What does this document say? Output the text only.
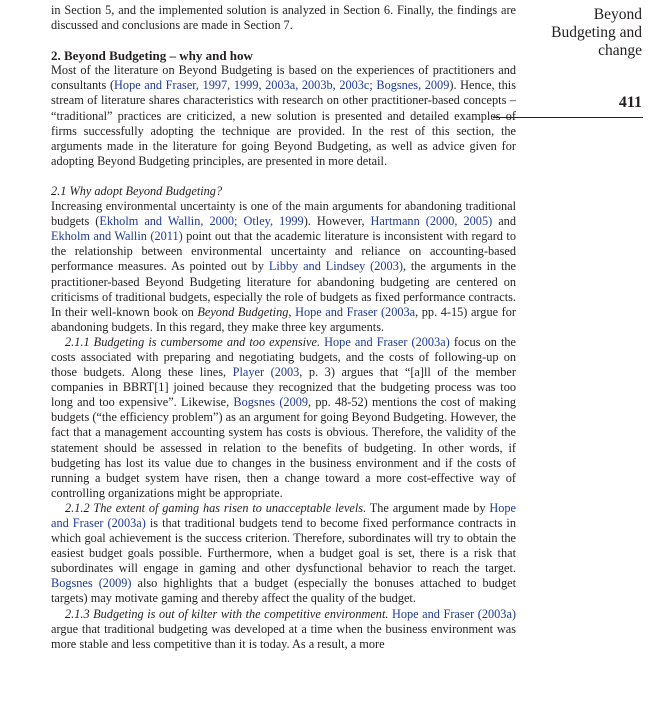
Beyond
Budgeting and
change
411

in Section 5, and the implemented solution is analyzed in Section 6. Finally, the findings are discussed and conclusions are made in Section 7.

2. Beyond Budgeting – why and how

Most of the literature on Beyond Budgeting is based on the experiences of practitioners and consultants (Hope and Fraser, 1997, 1999, 2003a, 2003b, 2003c; Bogsnes, 2009). Hence, this stream of literature shares characteristics with research on other practitioner-based concepts – “traditional” practices are criticized, a new solution is presented and detailed examples of firms successfully adopting the technique are provided. In the rest of this section, the arguments made in the literature for going Beyond Budgeting, as well as advice given for adopting Beyond Budgeting principles, are presented in more detail.

2.1 Why adopt Beyond Budgeting?

Increasing environmental uncertainty is one of the main arguments for abandoning traditional budgets (Ekholm and Wallin, 2000; Otley, 1999). However, Hartmann (2000, 2005) and Ekholm and Wallin (2011) point out that the academic literature is inconsistent with regard to the relationship between environmental uncertainty and reliance on accounting-based performance measures. As pointed out by Libby and Lindsey (2003), the arguments in the practitioner-based Beyond Budgeting literature for abandoning budgeting are centered on criticisms of traditional budgets, especially the role of budgets as fixed performance contracts. In their well-known book on Beyond Budgeting, Hope and Fraser (2003a, pp. 4-15) argue for abandoning budgets. In this regard, they make three key arguments.

2.1.1 Budgeting is cumbersome and too expensive. Hope and Fraser (2003a) focus on the costs associated with preparing and negotiating budgets, and the costs of following-up on those budgets. Along these lines, Player (2003, p. 3) argues that “[a]ll of the member companies in BBRT[1] joined because they recognized that the budgeting process was too long and too expensive”. Likewise, Bogsnes (2009, pp. 48-52) mentions the cost of making budgets (“the efficiency problem”) as an argument for going Beyond Budgeting. However, the fact that a management accounting system has costs is obvious. Therefore, the validity of the statement should be assessed in relation to the benefits of budgeting. In other words, if budgeting has lost its value due to changes in the business environment and if the costs of running a budget system have risen, then a change toward a more cost-effective way of controlling organizations might be appropriate.

2.1.2 The extent of gaming has risen to unacceptable levels. The argument made by Hope and Fraser (2003a) is that traditional budgets tend to become fixed performance contracts in which goal achievement is the success criterion. Therefore, subordinates will try to obtain the easiest budget goals possible. Furthermore, when a budget goal is set, there is a risk that subordinates will engage in gaming and other dysfunctional behavior to reach the target. Bogsnes (2009) also highlights that a budget (especially the bonuses attached to budget targets) may motivate gaming and thereby affect the quality of the budget.

2.1.3 Budgeting is out of kilter with the competitive environment. Hope and Fraser (2003a) argue that traditional budgeting was developed at a time when the business environment was more stable and less competitive than it is today. As a result, a more
